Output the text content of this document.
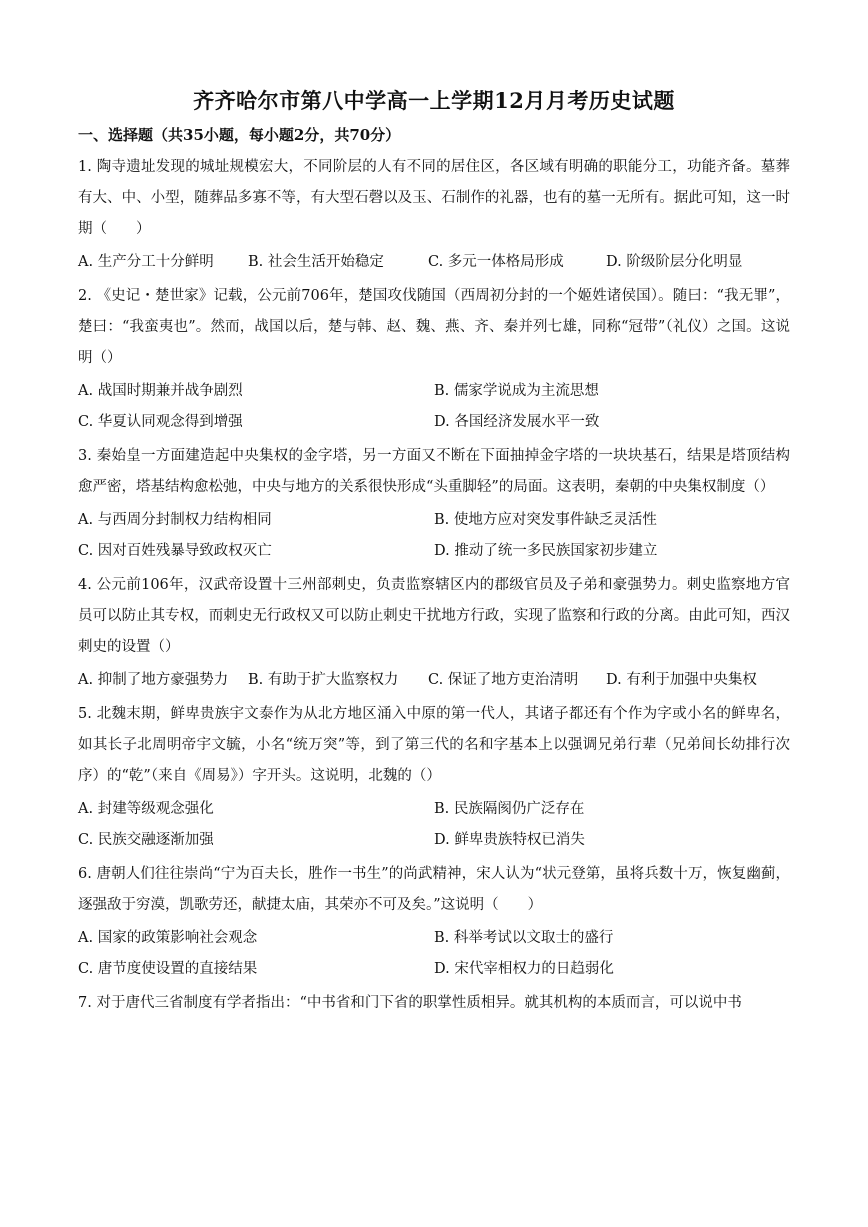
齐齐哈尔市第八中学高一上学期12月月考历史试题
一、选择题（共35小题，每小题2分，共70分）

1. 陶寺遗址发现的城址规模宏大，不同阶层的人有不同的居住区，各区域有明确的职能分工，功能齐备。墓葬有大、中、小型，随葬品多寡不等，有大型石磬以及玉、石制作的礼器，也有的墓一无所有。据此可知，这一时期（　　）

A. 生产分工十分鲜明	B. 社会生活开始稳定	C. 多元一体格局形成	D. 阶级阶层分化明显

2. 《史记・楚世家》记载，公元前706年，楚国攻伐随国（西周初分封的一个姬姓诸侯国）。随曰：“我无罪”，楚曰：“我蛮夷也”。然而，战国以后，楚与韩、赵、魏、燕、齐、秦并列七雄，同称“冠带”（礼仪）之国。这说明（）

A. 战国时期兼并战争剧烈	B. 儒家学说成为主流思想
C. 华夏认同观念得到增强	D. 各国经济发展水平一致

3. 秦始皇一方面建造起中央集权的金字塔，另一方面又不断在下面抽掉金字塔的一块块基石，结果是塔顶结构愈严密，塔基结构愈松弛，中央与地方的关系很快形成“头重脚轻”的局面。这表明，秦朝的中央集权制度（）

A. 与西周分封制权力结构相同	B. 使地方应对突发事件缺乏灵活性
C. 因对百姓残暴导致政权灭亡	D. 推动了统一多民族国家初步建立

4. 公元前106年，汉武帝设置十三州部刺史，负责监察辖区内的郡级官员及子弟和豪强势力。刺史监察地方官员可以防止其专权，而刺史无行政权又可以防止刺史干扰地方行政，实现了监察和行政的分离。由此可知，西汉刺史的设置（）

A. 抑制了地方豪强势力	B. 有助于扩大监察权力	C. 保证了地方吏治清明	D. 有利于加强中央集权

5. 北魏末期，鲜卑贵族宇文泰作为从北方地区涌入中原的第一代人，其诸子都还有个作为字或小名的鲜卑名，如其长子北周明帝宇文毓，小名“统万突”等，到了第三代的名和字基本上以强调兄弟行辈（兄弟间长幼排行次序）的“乾”（来自《周易》）字开头。这说明，北魏的（）

A. 封建等级观念强化	B. 民族隔阂仍广泛存在
C. 民族交融逐渐加强	D. 鲜卑贵族特权已消失

6. 唐朝人们往往崇尚“宁为百夫长，胜作一书生”的尚武精神，宋人认为“状元登第，虽将兵数十万，恢复幽蓟，逐强敌于穷漠，凯歌劳还，献捷太庙，其荣亦不可及矣。”这说明（　　）

A. 国家的政策影响社会观念	B. 科举考试以文取士的盛行
C. 唐节度使设置的直接结果	D. 宋代宰相权力的日趋弱化

7. 对于唐代三省制度有学者指出：“中书省和门下省的职掌性质相异。就其机构的本质而言，可以说中书
